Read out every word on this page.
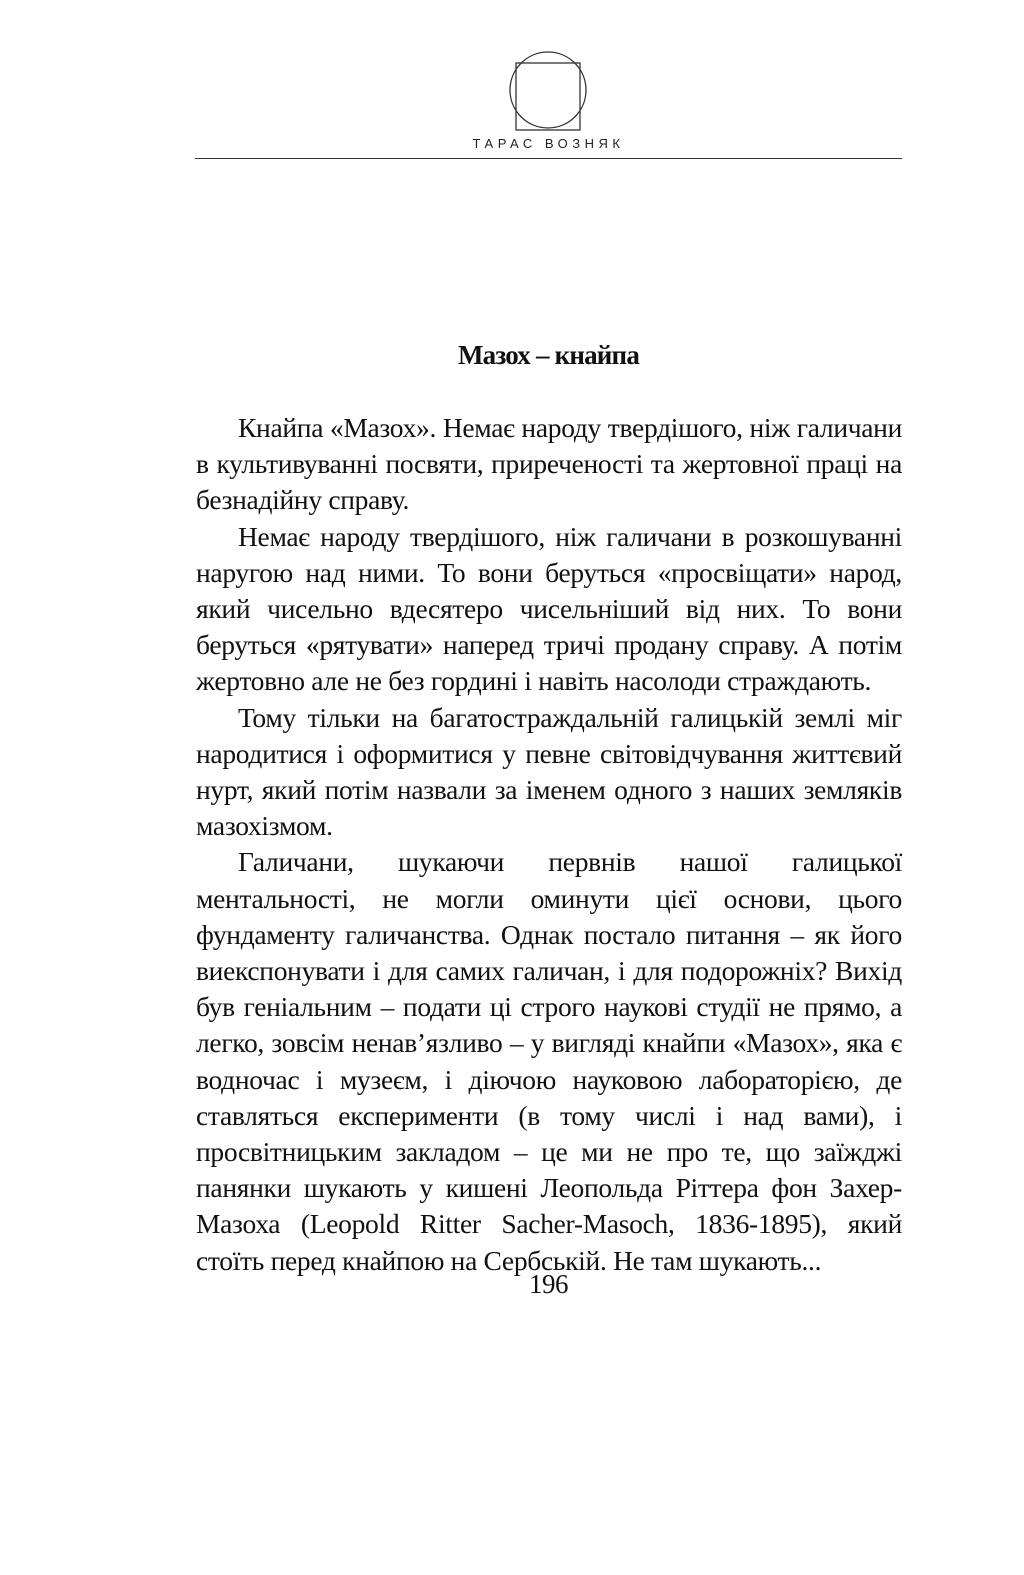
ТАРАС ВОЗНЯК
Мазох – кнайпа

Кнайпа «Мазох». Немає народу твердішого, ніж галичани в культивуванні посвяти, приреченості та жертовної праці на безнадійну справу.

Немає народу твердішого, ніж галичани в розкошуванні наругою над ними. То вони беруться «просвіщати» народ, який чисельно вдесятеро чисельніший від них. То вони беруться «рятувати» наперед тричі продану справу. А потім жертовно але не без гордині і навіть насолоди страждають.

Тому тільки на багатостраждальній галицькій землі міг народитися і оформитися у певне світовідчування життєвий нурт, який потім назвали за іменем одного з наших земляків мазохізмом.

Галичани, шукаючи первнів нашої галицької ментальності, не могли оминути цієї основи, цього фундаменту галичанства. Однак постало питання – як його виекспонувати і для самих галичан, і для подорожніх? Вихід був геніальним – подати ці строго наукові студії не прямо, а легко, зовсім ненав’язливо – у вигляді кнайпи «Мазох», яка є водночас і музеєм, і діючою науковою лабораторією, де ставляться експерименти (в тому числі і над вами), і просвітницьким закладом – це ми не про те, що заїжджі панянки шукають у кишені Леопольда Ріттера фон Захер-Мазоха (Leopold Ritter Sacher-Masoch, 1836-1895), який стоїть перед кнайпою на Сербській. Не там шукають...

196
